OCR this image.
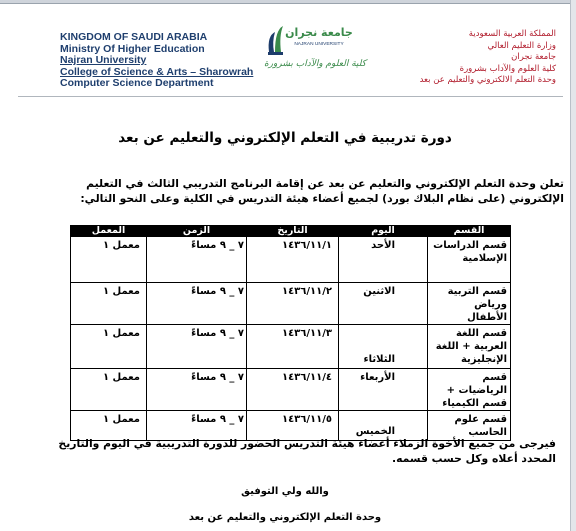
KINGDOM OF SAUDI ARABIA
Ministry Of Higher Education
Najran University
College of Science & Arts – Sharowrah
Computer Science Department
جامعة نجران
NAJRAN UNIVERSITY
كلية العلوم والآداب بشرورة
المملكة العربية السعودية
وزارة التعليم العالي
جامعة نجران
كلية العلوم والآداب بشرورة
وحدة التعلم الالكتروني والتعليم عن بعد
دورة تدريبية في التعلم الإلكتروني والتعليم عن بعد
تعلن وحدة التعلم الإلكتروني والتعليم عن بعد عن إقامة البرنامج التدريبي الثالث في التعليم الإلكتروني (على نظام البلاك بورد) لجميع أعضاء هيئة التدريس في الكلية وعلى النحو التالي:
القسم	اليوم	التاريخ	الزمن	المعمل
قسم الدراسات الإسلامية	الأحد	١٤٣٦/١١/١	٧ _ ٩ مساءً	معمل ١
قسم التربية ورياض الأطفال	الاثنين	١٤٣٦/١١/٢	٧ _ ٩ مساءً	معمل ١
قسم اللغة العربية + اللغة الإنجليزية	الثلاثاء	١٤٣٦/١١/٣	٧ _ ٩ مساءً	معمل ١
قسم الرياضيات + قسم الكيمياء	الأربعاء	١٤٣٦/١١/٤	٧ _ ٩ مساءً	معمل ١
قسم علوم الحاسب	الخميس	١٤٣٦/١١/٥	٧ _ ٩ مساءً	معمل ١
فيرجى من جميع الأخوة الزملاء أعضاء هيئة التدريس الحضور للدورة التدريبية في اليوم والتاريخ المحدد أعلاه وكل حسب قسمه.
والله ولي التوفيق
وحدة التعلم الإلكتروني والتعليم عن بعد
